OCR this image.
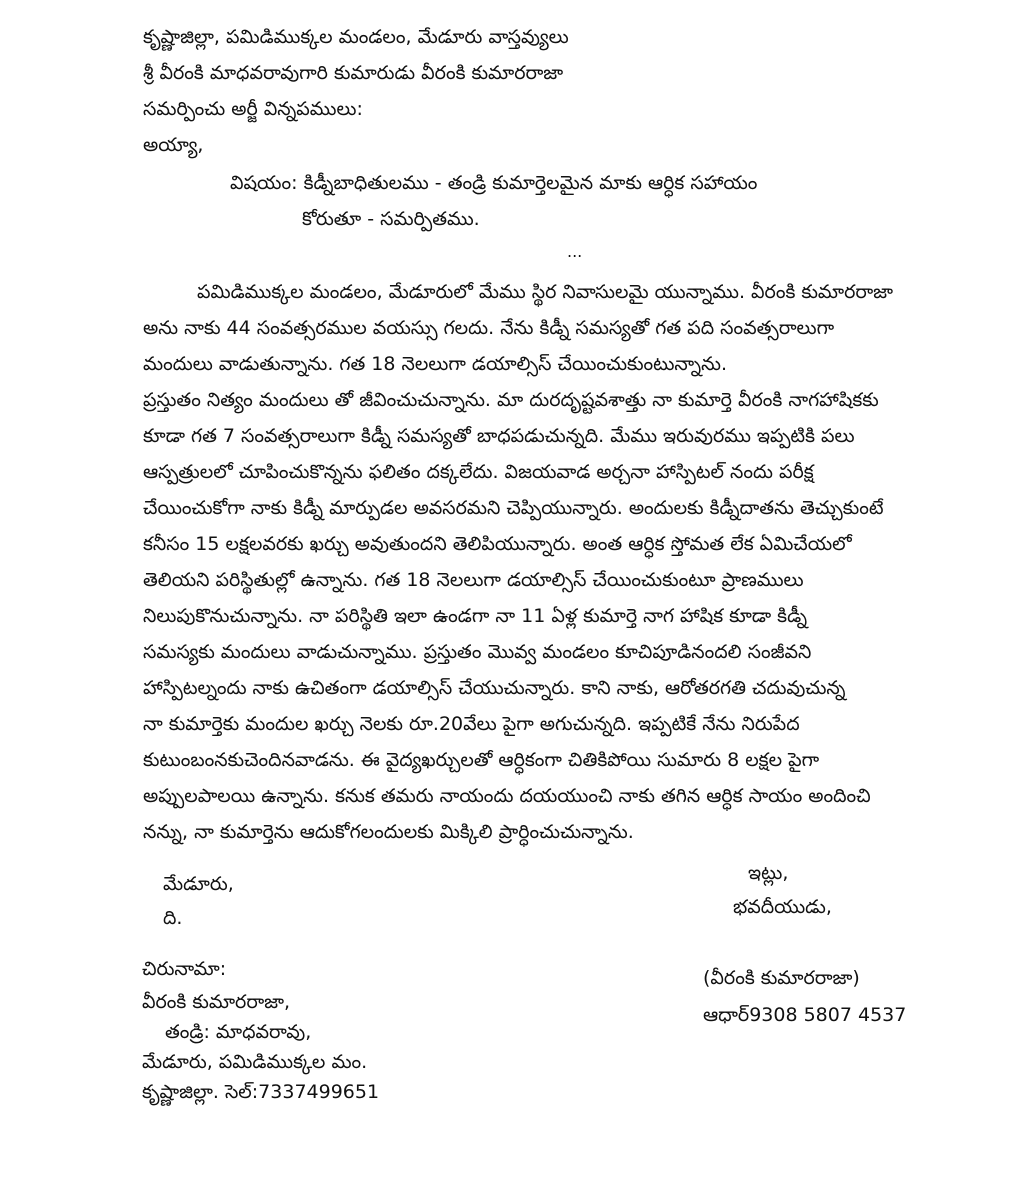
కృష్ణాజిల్లా, పమిడిముక్కల మండలం, మేడూరు వాస్తవ్యులు
శ్రీ వీరంకి మాధవరావుగారి కుమారుడు వీరంకి కుమారరాజా
సమర్పించు అర్జీ విన్నపములు:
అయ్యా,
విషయం: కిడ్నీబాధితులము - తండ్రి కుమార్తెలమైన మాకు ఆర్ధిక సహాయం
కోరుతూ - సమర్పితము.
...
పమిడిముక్కల మండలం, మేడూరులో మేము స్థిర నివాసులమై యున్నాము. వీరంకి కుమారరాజా
అను నాకు 44 సంవత్సరముల వయస్సు గలదు. నేను కిడ్నీ సమస్యతో గత పది సంవత్సరాలుగా
మందులు వాడుతున్నాను. గత 18 నెలలుగా డయాల్సిస్ చేయించుకుంటున్నాను.
ప్రస్తుతం నిత్యం మందులు తో జీవించుచున్నాను. మా దురదృష్టవశాత్తు నా కుమార్తె వీరంకి నాగహాషికకు
కూడా గత 7 సంవత్సరాలుగా కిడ్నీ సమస్యతో బాధపడుచున్నది. మేము ఇరువురము ఇప్పటికి పలు
ఆస్పత్రులలో చూపించుకొన్నను ఫలితం దక్కలేదు. విజయవాడ అర్చనా హాస్పిటల్ నందు పరీక్ష
చేయించుకోగా నాకు కిడ్నీ మార్పుడల అవసరమని చెప్పియున్నారు. అందులకు కిడ్నీదాతను తెచ్చుకుంటే
కనీసం 15 లక్షలవరకు ఖర్చు అవుతుందని తెలిపియున్నారు. అంత ఆర్ధిక స్తోమత లేక ఏమిచేయలో
తెలియని పరిస్థితుల్లో ఉన్నాను. గత 18 నెలలుగా డయాల్సిస్ చేయించుకుంటూ ప్రాణములు
నిలుపుకొనుచున్నాను. నా పరిస్థితి ఇలా ఉండగా నా 11 ఏళ్ల కుమార్తె నాగ హాషిక కూడా కిడ్నీ
సమస్యకు మందులు వాడుచున్నాము. ప్రస్తుతం మొవ్వ మండలం కూచిపూడినందలి సంజీవని
హాస్పిటల్నందు నాకు ఉచితంగా డయాల్సిస్ చేయుచున్నారు. కాని నాకు, ఆరోతరగతి చదువుచున్న
నా కుమార్తెకు మందుల ఖర్చు నెలకు రూ.20వేలు పైగా అగుచున్నది. ఇప్పటికే నేను నిరుపేద
కుటుంబంనకుచెందినవాడను. ఈ వైద్యఖర్చులతో ఆర్ధికంగా చితికిపోయి సుమారు 8 లక్షల పైగా
అప్పులపాలయి ఉన్నాను. కనుక తమరు నాయందు దయయుంచి నాకు తగిన ఆర్ధిక సాయం అందించి
నన్ను, నా కుమార్తెను ఆదుకోగలందులకు మిక్కిలి ప్రార్ధించుచున్నాను.
మేడూరు,
ది.
ఇట్లు,
భవదీయుడు,
చిరునామా:
వీరంకి కుమారరాజా,
తండ్రి: మాధవరావు,
మేడూరు, పమిడిముక్కల మం.
కృష్ణాజిల్లా. సెల్:7337499651
(వీరంకి కుమారరాజా)
ఆధార్9308 5807 4537
